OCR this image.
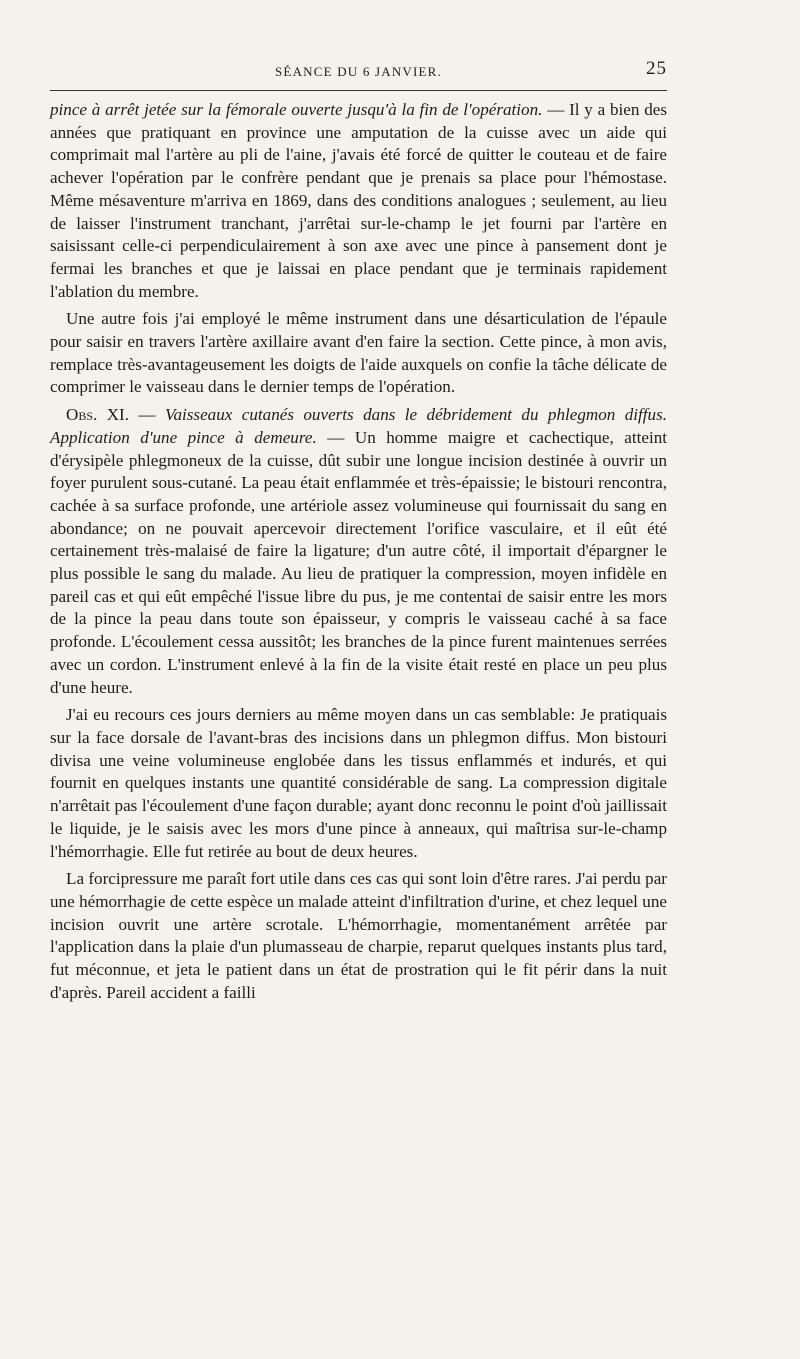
SÉANCE DU 6 JANVIER.	25

pince à arrêt jetée sur la fémorale ouverte jusqu'à la fin de l'opération. — Il y a bien des années que pratiquant en province une amputation de la cuisse avec un aide qui comprimait mal l'artère au pli de l'aine, j'avais été forcé de quitter le couteau et de faire achever l'opération par le confrère pendant que je prenais sa place pour l'hémostase. Même mésaventure m'arriva en 1869, dans des conditions analogues ; seulement, au lieu de laisser l'instrument tranchant, j'arrêtai sur-le-champ le jet fourni par l'artère en saisissant celle-ci perpendiculairement à son axe avec une pince à pansement dont je fermai les branches et que je laissai en place pendant que je terminais rapidement l'ablation du membre.

Une autre fois j'ai employé le même instrument dans une désarticulation de l'épaule pour saisir en travers l'artère axillaire avant d'en faire la section. Cette pince, à mon avis, remplace très-avantageusement les doigts de l'aide auxquels on confie la tâche délicate de comprimer le vaisseau dans le dernier temps de l'opération.

Obs. XI. — Vaisseaux cutanés ouverts dans le débridement du phlegmon diffus. Application d'une pince à demeure. — Un homme maigre et cachectique, atteint d'érysipèle phlegmoneux de la cuisse, dût subir une longue incision destinée à ouvrir un foyer purulent sous-cutané. La peau était enflammée et très-épaissie; le bistouri rencontra, cachée à sa surface profonde, une artériole assez volumineuse qui fournissait du sang en abondance; on ne pouvait apercevoir directement l'orifice vasculaire, et il eût été certainement très-malaisé de faire la ligature; d'un autre côté, il importait d'épargner le plus possible le sang du malade. Au lieu de pratiquer la compression, moyen infidèle en pareil cas et qui eût empêché l'issue libre du pus, je me contentai de saisir entre les mors de la pince la peau dans toute son épaisseur, y compris le vaisseau caché à sa face profonde. L'écoulement cessa aussitôt; les branches de la pince furent maintenues serrées avec un cordon. L'instrument enlevé à la fin de la visite était resté en place un peu plus d'une heure.

J'ai eu recours ces jours derniers au même moyen dans un cas semblable: Je pratiquais sur la face dorsale de l'avant-bras des incisions dans un phlegmon diffus. Mon bistouri divisa une veine volumineuse englobée dans les tissus enflammés et indurés, et qui fournit en quelques instants une quantité considérable de sang. La compression digitale n'arrêtait pas l'écoulement d'une façon durable; ayant donc reconnu le point d'où jaillissait le liquide, je le saisis avec les mors d'une pince à anneaux, qui maîtrisa sur-le-champ l'hémorrhagie. Elle fut retirée au bout de deux heures.

La forcipressure me paraît fort utile dans ces cas qui sont loin d'être rares. J'ai perdu par une hémorrhagie de cette espèce un malade atteint d'infiltration d'urine, et chez lequel une incision ouvrit une artère scrotale. L'hémorrhagie, momentanément arrêtée par l'application dans la plaie d'un plumasseau de charpie, reparut quelques instants plus tard, fut méconnue, et jeta le patient dans un état de prostration qui le fit périr dans la nuit d'après. Pareil accident a failli
